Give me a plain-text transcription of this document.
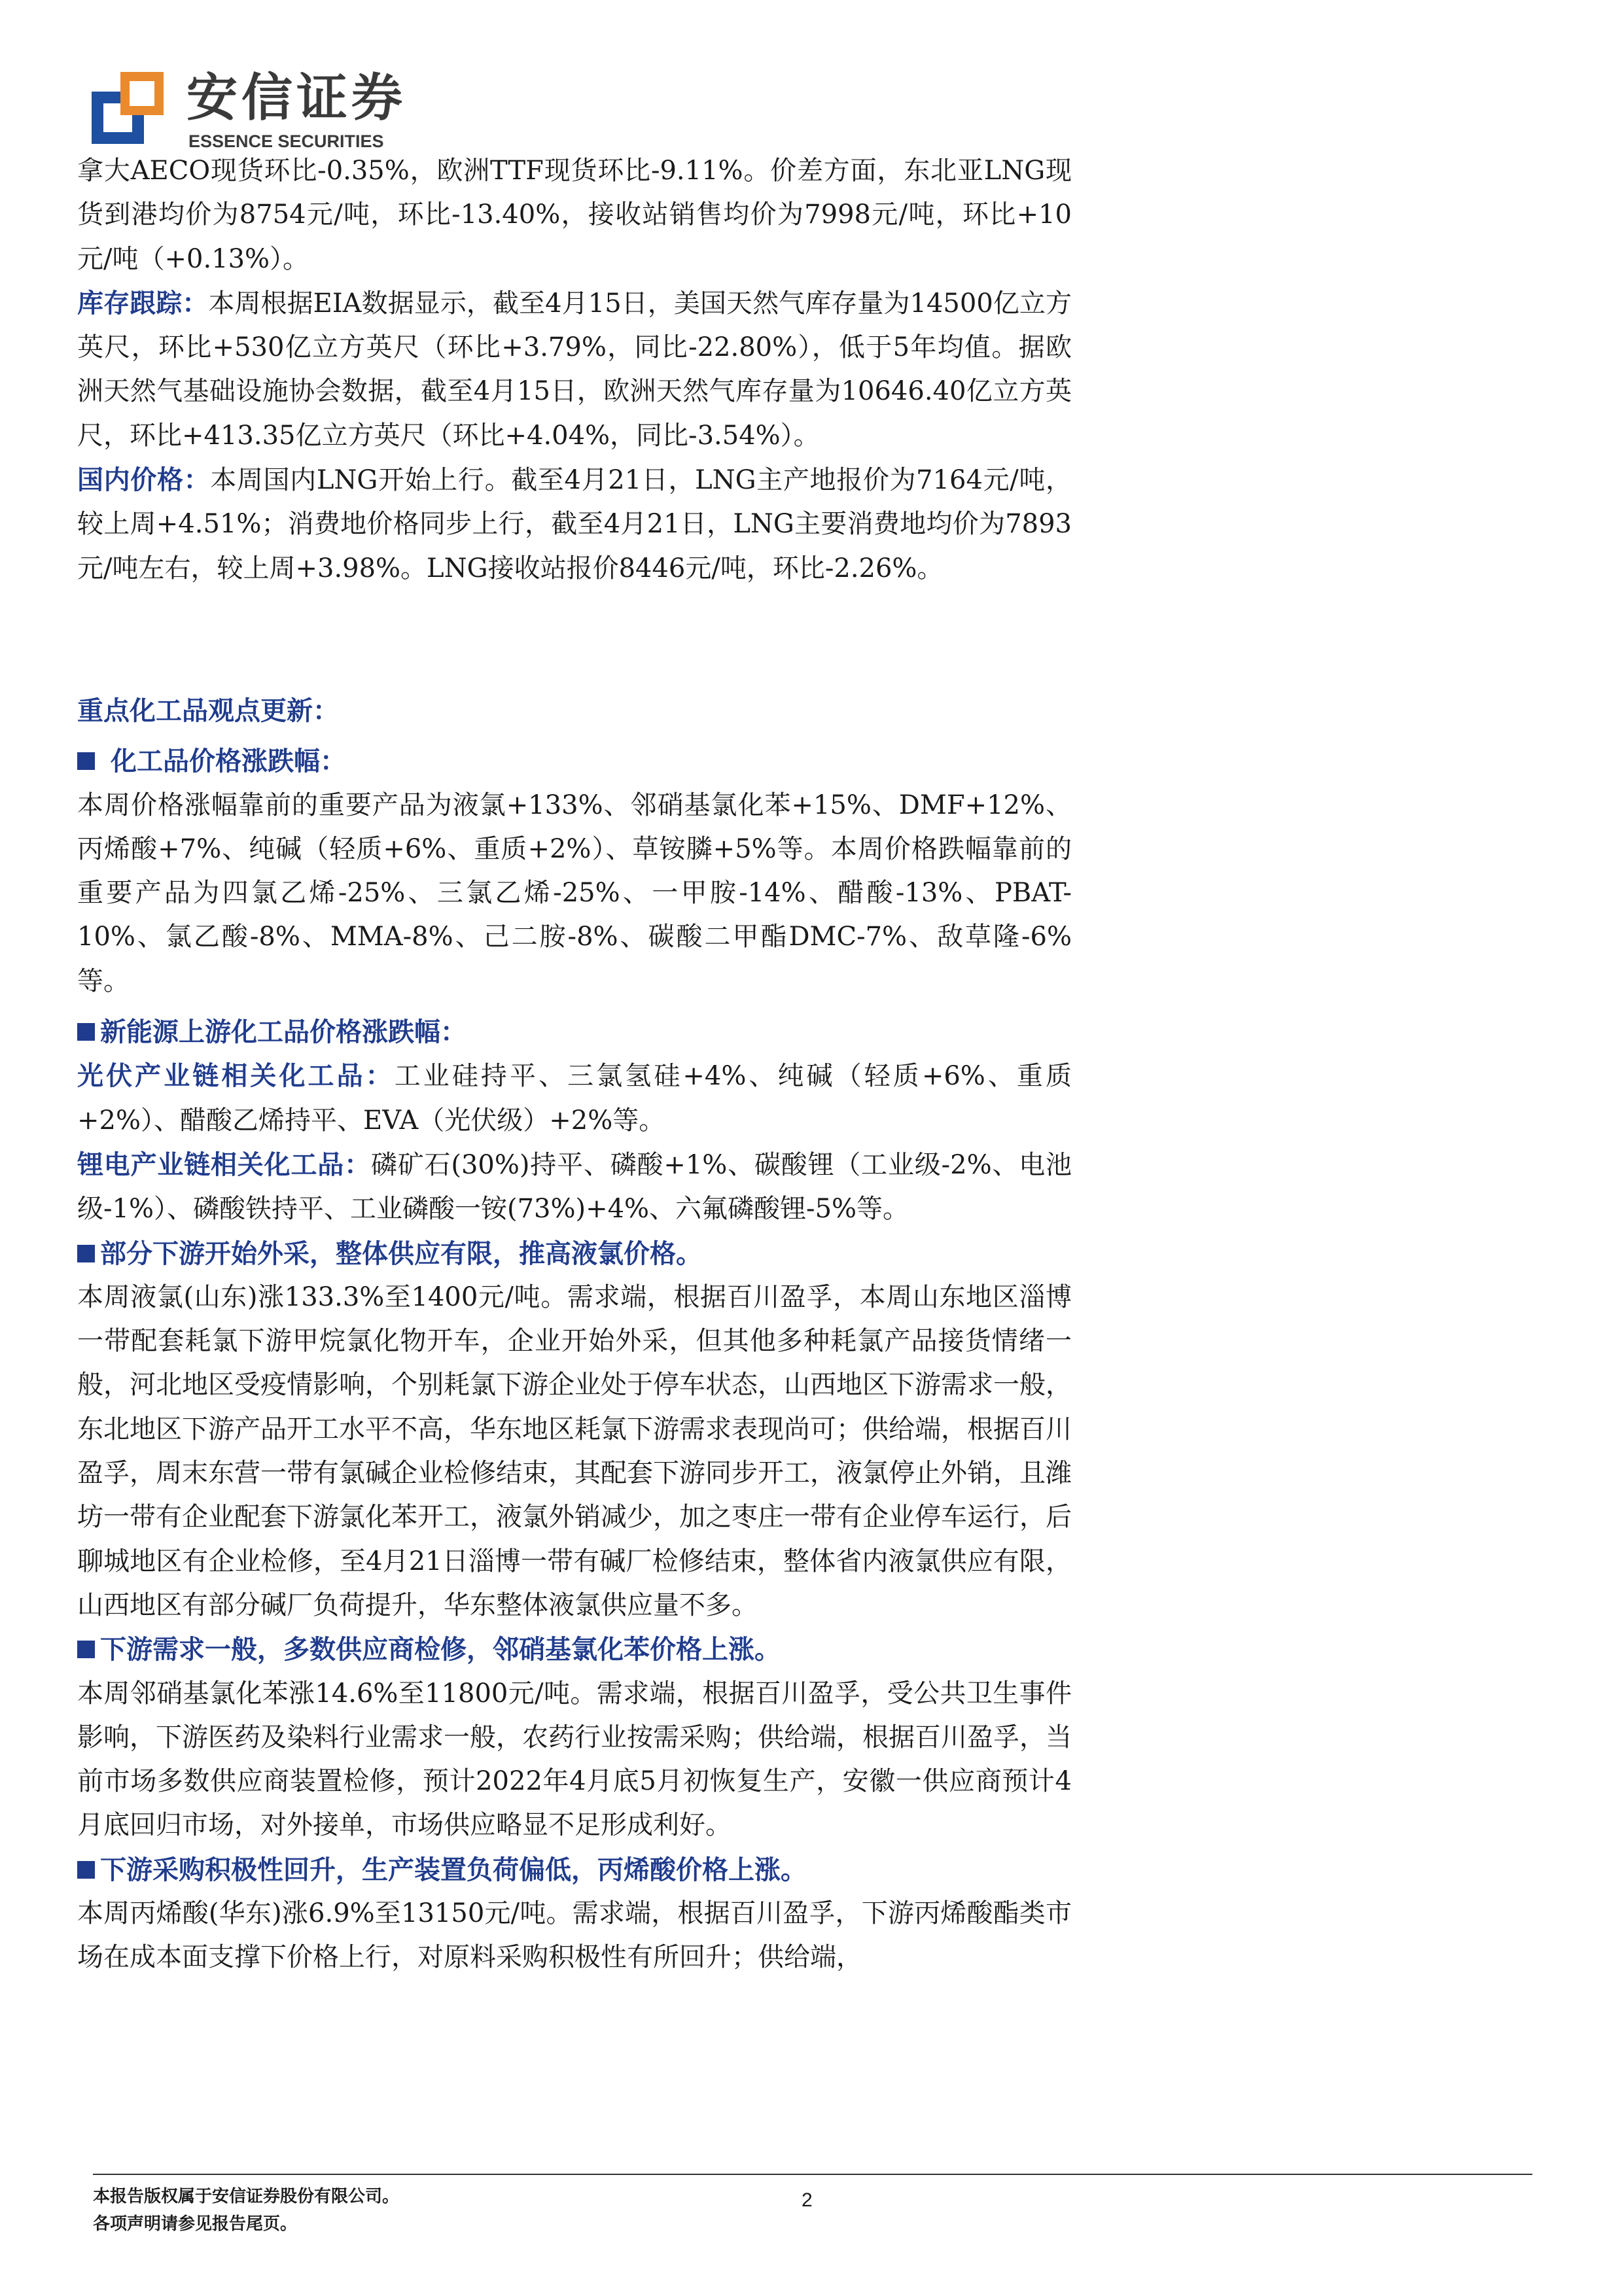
安信证券
ESSENCE SECURITIES

拿大AECO现货环比-0.35%，欧洲TTF现货环比-9.11%。价差方面，东北亚LNG现货到港均价为8754元/吨，环比-13.40%，接收站销售均价为7998元/吨，环比+10元/吨（+0.13%）。

库存跟踪：本周根据EIA数据显示，截至4月15日，美国天然气库存量为14500亿立方英尺，环比+530亿立方英尺（环比+3.79%，同比-22.80%），低于5年均值。据欧洲天然气基础设施协会数据，截至4月15日，欧洲天然气库存量为10646.40亿立方英尺，环比+413.35亿立方英尺（环比+4.04%，同比-3.54%）。

国内价格：本周国内LNG开始上行。截至4月21日，LNG主产地报价为7164元/吨，较上周+4.51%；消费地价格同步上行，截至4月21日，LNG主要消费地均价为7893元/吨左右，较上周+3.98%。LNG接收站报价8446元/吨，环比-2.26%。

重点化工品观点更新：

化工品价格涨跌幅：

本周价格涨幅靠前的重要产品为液氯+133%、邻硝基氯化苯+15%、DMF+12%、丙烯酸+7%、纯碱（轻质+6%、重质+2%）、草铵膦+5%等。本周价格跌幅靠前的重要产品为四氯乙烯-25%、三氯乙烯-25%、一甲胺-14%、醋酸-13%、PBAT-10%、氯乙酸-8%、MMA-8%、己二胺-8%、碳酸二甲酯DMC-7%、敌草隆-6%等。

新能源上游化工品价格涨跌幅：

光伏产业链相关化工品：工业硅持平、三氯氢硅+4%、纯碱（轻质+6%、重质+2%）、醋酸乙烯持平、EVA（光伏级）+2%等。

锂电产业链相关化工品：磷矿石(30%)持平、磷酸+1%、碳酸锂（工业级-2%、电池级-1%）、磷酸铁持平、工业磷酸一铵(73%)+4%、六氟磷酸锂-5%等。

部分下游开始外采，整体供应有限，推高液氯价格。

本周液氯(山东)涨133.3%至1400元/吨。需求端，根据百川盈孚，本周山东地区淄博一带配套耗氯下游甲烷氯化物开车，企业开始外采，但其他多种耗氯产品接货情绪一般，河北地区受疫情影响，个别耗氯下游企业处于停车状态，山西地区下游需求一般，东北地区下游产品开工水平不高，华东地区耗氯下游需求表现尚可；供给端，根据百川盈孚，周末东营一带有氯碱企业检修结束，其配套下游同步开工，液氯停止外销，且潍坊一带有企业配套下游氯化苯开工，液氯外销减少，加之枣庄一带有企业停车运行，后聊城地区有企业检修，至4月21日淄博一带有碱厂检修结束，整体省内液氯供应有限，山西地区有部分碱厂负荷提升，华东整体液氯供应量不多。

下游需求一般，多数供应商检修，邻硝基氯化苯价格上涨。

本周邻硝基氯化苯涨14.6%至11800元/吨。需求端，根据百川盈孚，受公共卫生事件影响，下游医药及染料行业需求一般，农药行业按需采购；供给端，根据百川盈孚，当前市场多数供应商装置检修，预计2022年4月底5月初恢复生产，安徽一供应商预计4月底回归市场，对外接单，市场供应略显不足形成利好。

下游采购积极性回升，生产装置负荷偏低，丙烯酸价格上涨。

本周丙烯酸(华东)涨6.9%至13150元/吨。需求端，根据百川盈孚，下游丙烯酸酯类市场在成本面支撑下价格上行，对原料采购积极性有所回升；供给端，

本报告版权属于安信证券股份有限公司。
各项声明请参见报告尾页。
2
